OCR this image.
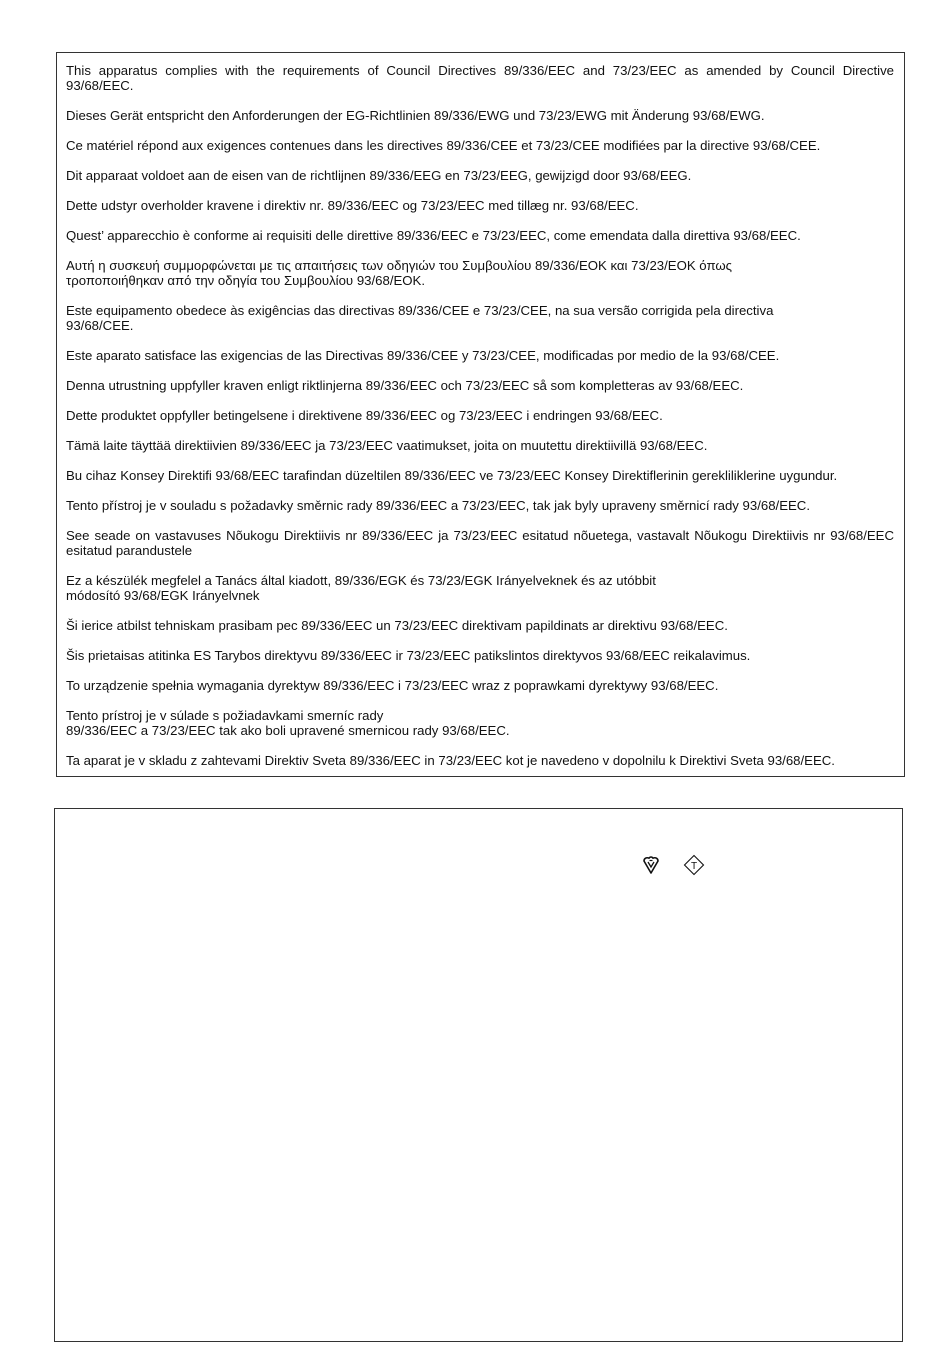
This apparatus complies with the requirements of Council Directives 89/336/EEC and 73/23/EEC as amended by Council Directive 93/68/EEC.

Dieses Gerät entspricht den Anforderungen der EG-Richtlinien 89/336/EWG und 73/23/EWG mit Änderung 93/68/EWG.

Ce matériel répond aux exigences contenues dans les directives 89/336/CEE et 73/23/CEE modifiées par la directive 93/68/CEE.

Dit apparaat voldoet aan de eisen van de richtlijnen 89/336/EEG en 73/23/EEG, gewijzigd door 93/68/EEG.

Dette udstyr overholder kravene i direktiv nr. 89/336/EEC og 73/23/EEC med tillæg nr. 93/68/EEC.

Quest’ apparecchio è conforme ai requisiti delle direttive 89/336/EEC e 73/23/EEC, come emendata dalla direttiva 93/68/EEC.

Αυτή η συσκευή συμμορφώνεται με τις απαιτήσεις των οδηγιών του Συμβουλίου 89/336/ΕΟΚ και 73/23/ΕΟΚ όπως
τροποποιήθηκαν από την οδηγία του Συμβουλίου 93/68/ΕΟΚ.

Este equipamento obedece às exigências das directivas 89/336/CEE e 73/23/CEE, na sua versão corrigida pela directiva
93/68/CEE.

Este aparato satisface las exigencias de las Directivas 89/336/CEE y 73/23/CEE, modificadas por medio de la 93/68/CEE.

Denna utrustning uppfyller kraven enligt riktlinjerna 89/336/EEC och 73/23/EEC så som kompletteras av 93/68/EEC.

Dette produktet oppfyller betingelsene i direktivene 89/336/EEC og 73/23/EEC i endringen 93/68/EEC.

Tämä laite täyttää direktiivien 89/336/EEC ja 73/23/EEC vaatimukset, joita on muutettu direktiivillä 93/68/EEC.

Bu cihaz Konsey Direktifi 93/68/EEC tarafindan düzeltilen 89/336/EEC ve 73/23/EEC Konsey Direktiflerinin gerekliliklerine uygundur.

Tento přístroj je v souladu s požadavky směrnic rady 89/336/EEC a 73/23/EEC, tak jak byly upraveny směrnicí rady 93/68/EEC.

See seade on vastavuses Nõukogu Direktiivis nr 89/336/EEC ja 73/23/EEC esitatud nõuetega, vastavalt Nõukogu Direktiivis nr 93/68/EEC esitatud parandustele

Ez a készülék megfelel a Tanács által kiadott, 89/336/EGK és 73/23/EGK Irányelveknek és az utóbbit
módosító 93/68/EGK Irányelvnek

Ši ierice atbilst tehniskam prasibam pec 89/336/EEC un 73/23/EEC direktivam papildinats ar direktivu 93/68/EEC.

Šis prietaisas atitinka ES Tarybos direktyvu 89/336/EEC ir 73/23/EEC patikslintos direktyvos 93/68/EEC reikalavimus.

To urządzenie spełnia wymagania dyrektyw 89/336/EEC i 73/23/EEC wraz z poprawkami dyrektywy 93/68/EEC.

Tento prístroj je v súlade s požiadavkami smerníc rady
89/336/EEC a 73/23/EEC tak ako boli upravené smernicou rady 93/68/EEC.

Ta aparat je v skladu z zahtevami Direktiv Sveta 89/336/EEC in 73/23/EEC kot je navedeno v dopolnilu k Direktivi Sveta 93/68/EEC.

T
